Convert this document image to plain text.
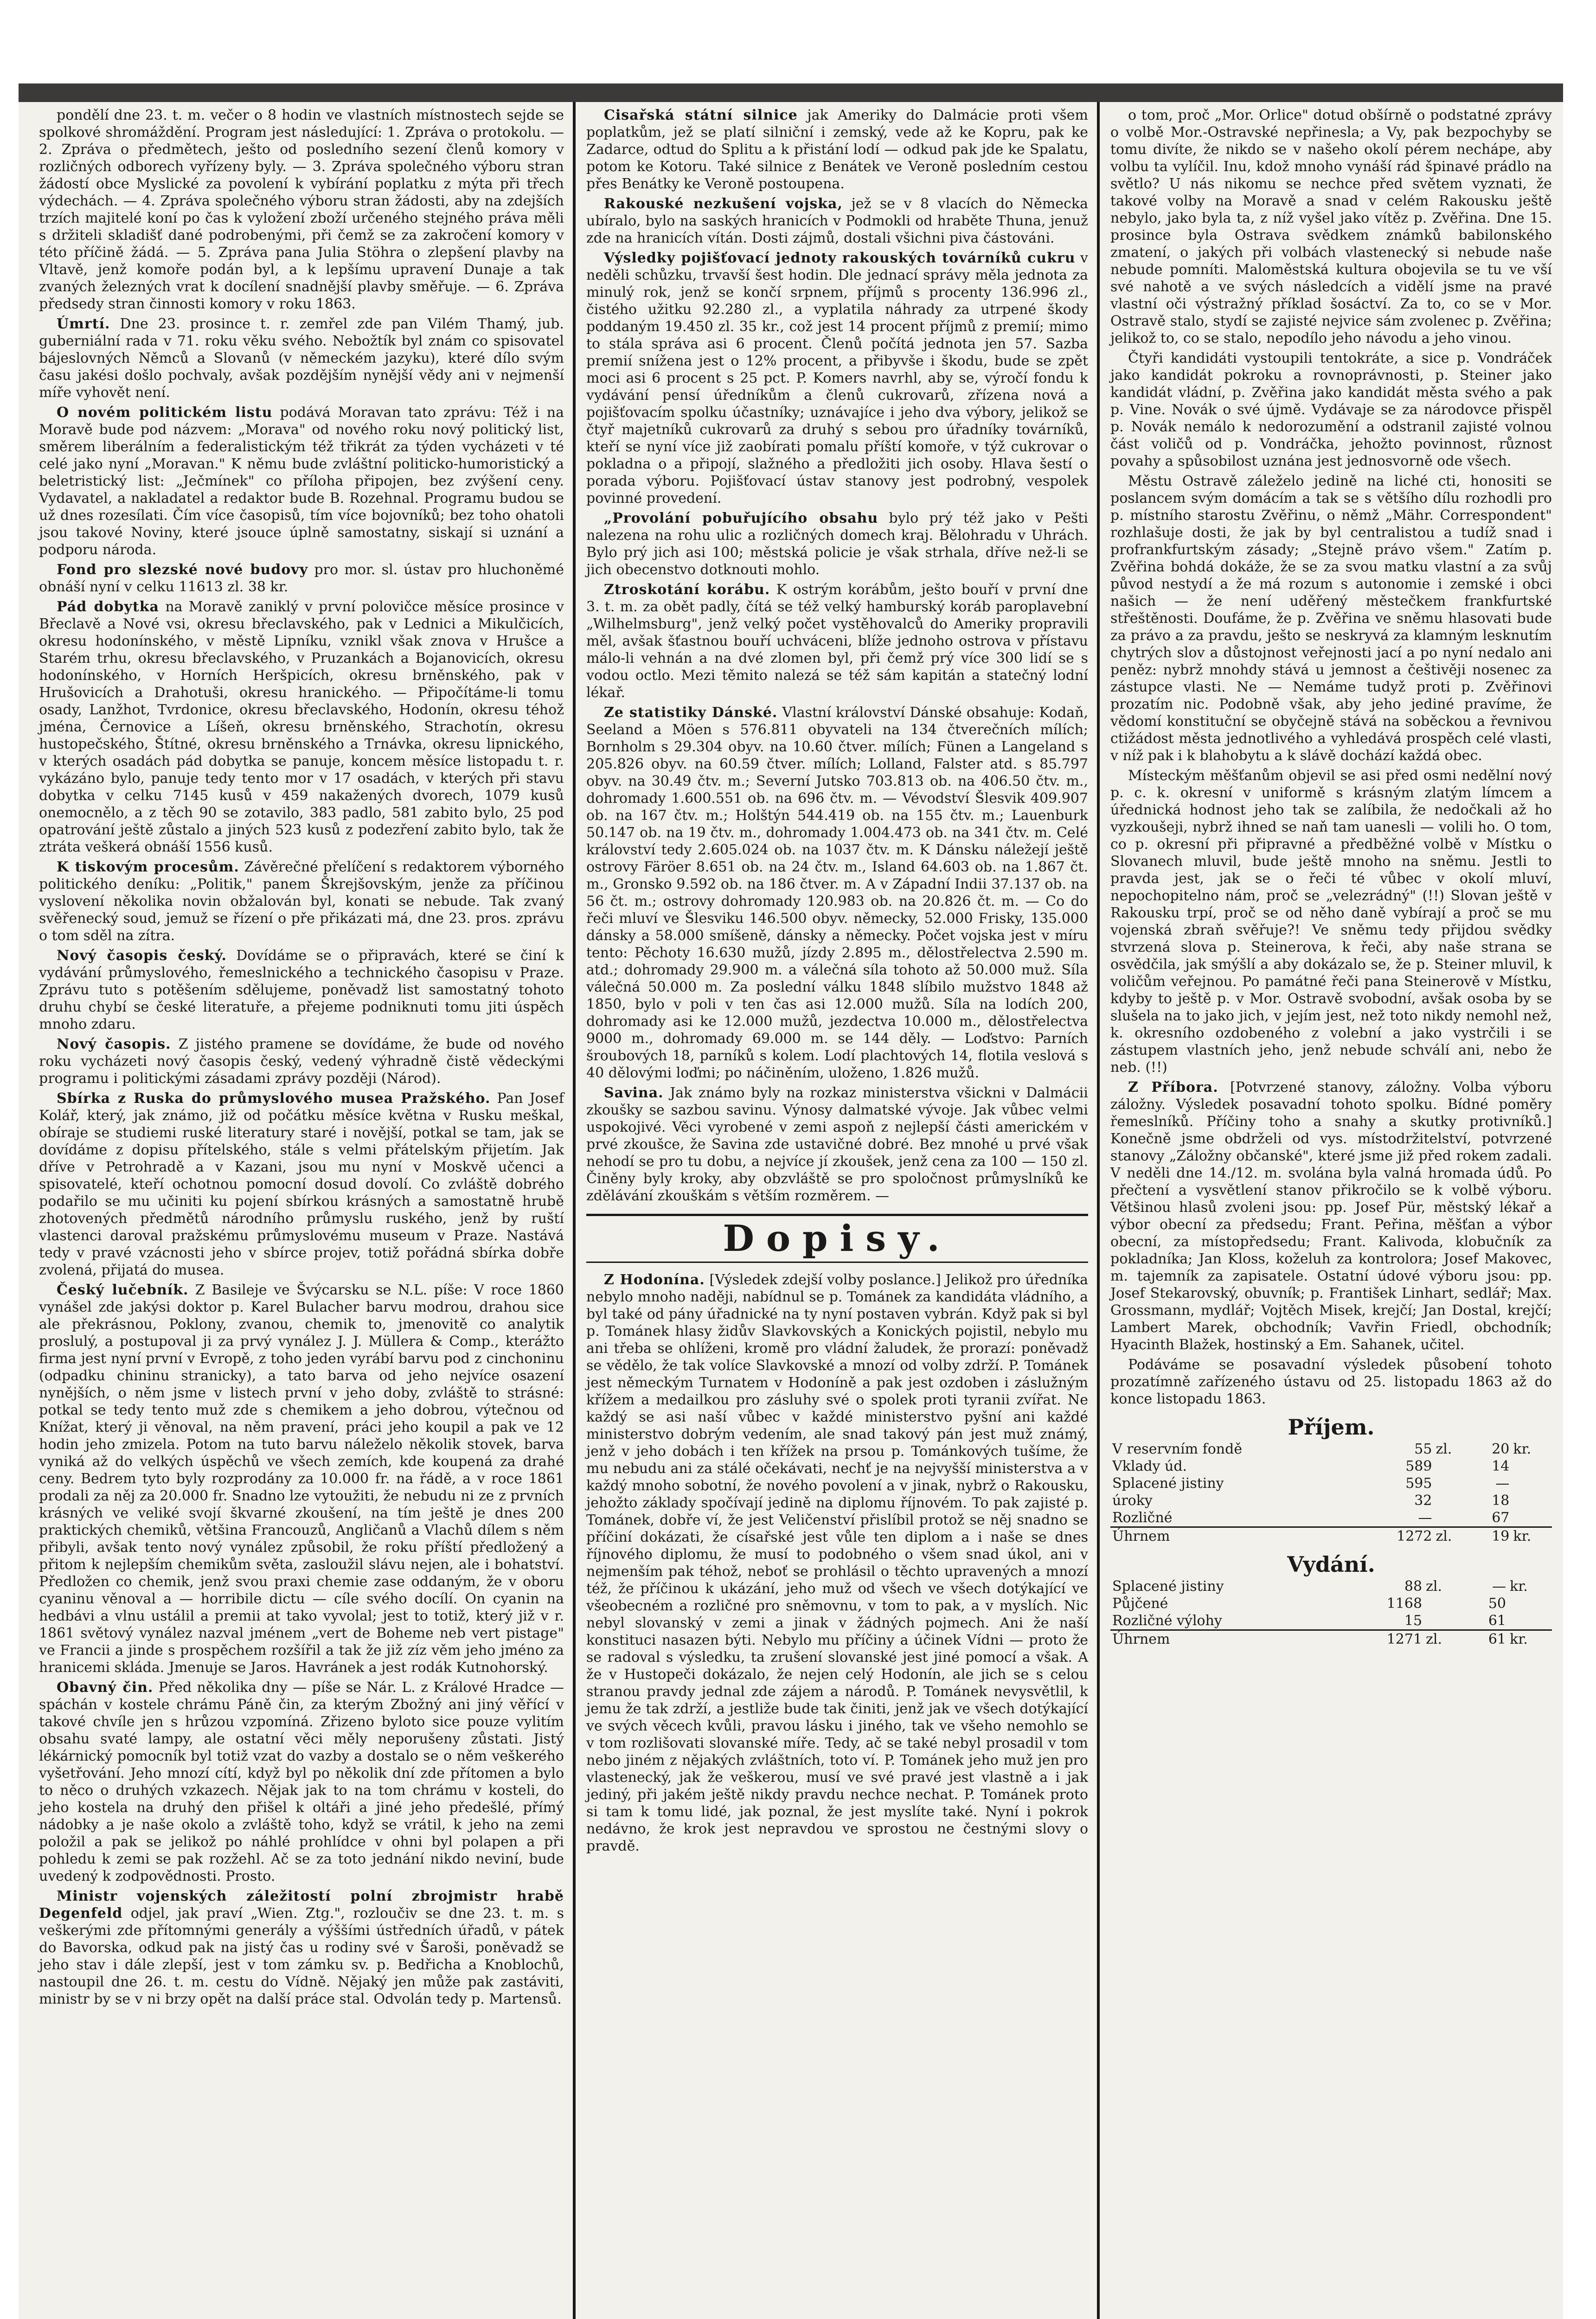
pondělí dne 23. t. m. večer o 8 hodin ve vlastních místnostech sejde se spolkové shromáždění. Program jest následující: 1. Zpráva o protokolu. — 2. Zpráva o předmětech, ješto od posledního sezení členů komory v rozličných odborech vyřízeny byly. — 3. Zpráva společného výboru stran žádostí obce Myslické za povolení k vybírání poplatku z mýta při třech výdechách. — 4. Zpráva společného výboru stran žádosti, aby na zdejších trzích majitelé koní po čas k vyložení zboží určeného stejného práva měli s držiteli skladišť dané podrobenými, při čemž se za zakročení komory v této příčině žádá. — 5. Zpráva pana Julia Stöhra o zlepšení plavby na Vltavě, jenž komoře podán byl, a k lepšímu upravení Dunaje a tak zvaných železných vrat k docílení snadnější plavby směřuje. — 6. Zpráva předsedy stran činnosti komory v roku 1863.

Úmrtí. Dne 23. prosince t. r. zemřel zde pan Vilém Thamý, jub. guberniální rada v 71. roku věku svého. Nebožtík byl znám co spisovatel bájeslovných Němců a Slovanů (v německém jazyku), které dílo svým času jakési došlo pochvaly, avšak pozdějším nynější vědy ani v nejmenší míře vyhovět není.

O novém politickém listu podává Moravan tato zprávu: Též i na Moravě bude pod názvem: „Morava" od nového roku nový politický list, směrem liberálním a federalistickým též třikrát za týden vycházeti v té celé jako nyní „Moravan." K němu bude zvláštní politicko-humoristický a beletristický list: „Ječmínek" co příloha připojen, bez zvýšení ceny. Vydavatel, a nakladatel a redaktor bude B. Rozehnal. Programu budou se už dnes rozesílati. Čím více časopisů, tím více bojovníků; bez toho ohatoli jsou takové Noviny, které jsouce úplně samostatny, siskají si uznání a podporu národa.

Fond pro slezské nové budovy pro mor. sl. ústav pro hluchoněmé obnáší nyní v celku 11613 zl. 38 kr.

Pád dobytka na Moravě zaniklý v první polovičce měsíce prosince v Břeclavě a Nové vsi, okresu břeclavského, pak v Lednici a Mikulčicích, okresu hodonínského, v městě Lipníku, vznikl však znova v Hrušce a Starém trhu, okresu břeclavského, v Pruzankách a Bojanovicích, okresu hodonínského, v Horních Heršpicích, okresu brněnského, pak v Hrušovicích a Drahotuši, okresu hranického. — Připočítáme-li tomu osady, Lanžhot, Tvrdonice, okresu břeclavského, Hodonín, okresu téhož jména, Černovice a Líšeň, okresu brněnského, Strachotín, okresu hustopečského, Štítné, okresu brněnského a Trnávka, okresu lipnického, v kterých osadách pád dobytka se panuje, koncem měsíce listopadu t. r. vykázáno bylo, panuje tedy tento mor v 17 osadách, v kterých při stavu dobytka v celku 7145 kusů v 459 nakažených dvorech, 1079 kusů onemocnělo, a z těch 90 se zotavilo, 383 padlo, 581 zabito bylo, 25 pod opatrování ještě zůstalo a jiných 523 kusů z podezření zabito bylo, tak že ztráta veškerá obnáší 1556 kusů.

K tiskovým procesům. Závěrečné přelíčení s redaktorem výborného politického deníku: „Politik," panem Škrejšovským, jenže za příčinou vyslovení několika novin obžalován byl, konati se nebude. Tak zvaný svěřenecký soud, jemuž se řízení o pře přikázati má, dne 23. pros. zprávu o tom sděl na zítra.

Nový časopis český. Dovídáme se o připravách, které se činí k vydávání průmyslového, řemeslnického a technického časopisu v Praze. Zprávu tuto s potěšením sdělujeme, poněvadž list samostatný tohoto druhu chybí se české literatuře, a přejeme podniknuti tomu jiti úspěch mnoho zdaru.

Nový časopis. Z jistého pramene se dovídáme, že bude od nového roku vycházeti nový časopis český, vedený výhradně čistě vědeckými programu i politickými zásadami zprávy později (Národ).

Sbírka z Ruska do průmyslového musea Pražského. Pan Josef Kolář, který, jak známo, již od počátku měsíce května v Rusku meškal, obíraje se studiemi ruské literatury staré i novější, potkal se tam, jak se dovídáme z dopisu přítelského, stále s velmi přátelským přijetím. Jak dříve v Petrohradě a v Kazani, jsou mu nyní v Moskvě učenci a spisovatelé, kteří ochotnou pomocní dosud dovolí. Co zvláště dobrého podařilo se mu učiniti ku pojení sbírkou krásných a samostatně hrubě zhotovených předmětů národního průmyslu ruského, jenž by ruští vlastenci daroval pražskému průmyslovému museum v Praze. Nastává tedy v pravé vzácnosti jeho v sbírce projev, totiž pořádná sbírka dobře zvolená, přijatá do musea.

Český lučebník. Z Basileje ve Švýcarsku se N.L. píše: V roce 1860 vynášel zde jakýsi doktor p. Karel Bulacher barvu modrou, drahou sice ale překrásnou, Poklony, zvanou, chemik to, jmenovitě co analytik proslulý, a postupoval ji za prvý vynález J. J. Müllera & Comp., kterážto firma jest nyní první v Evropě, z toho jeden vyrábí barvu pod z cinchoninu (odpadku chininu stranicky), a tato barva od jeho nejvíce osazení nynějších, o něm jsme v listech první v jeho doby, zvláště to strásné: potkal se tedy tento muž zde s chemikem a jeho dobrou, výtečnou od Knížat, který ji věnoval, na něm pravení, práci jeho koupil a pak ve 12 hodin jeho zmizela. Potom na tuto barvu náleželo několik stovek, barva vyniká až do velkých úspěchů ve všech zemích, kde koupená za drahé ceny. Bedrem tyto byly rozprodány za 10.000 fr. na řádě, a v roce 1861 prodali za něj za 20.000 fr. Snadno lze vytoužiti, že nebudu ni ze z prvních krásných ve veliké svojí škvarné zkoušení, na tím ještě je dnes 200 praktických chemiků, většina Francouzů, Angličanů a Vlachů dílem s něm přibyli, avšak tento nový vynález způsobil, že roku příští předložený a přitom k nejlepším chemikům světa, zasloužil slávu nejen, ale i bohatství. Předložen co chemik, jenž svou praxi chemie zase oddaným, že v oboru cyaninu věnoval a — horribile dictu — cíle svého docílí. On cyanin na hedbávi a vlnu ustálil a premii at tako vyvolal; jest to totiž, který již v r. 1861 světový vynález nazval jménem „vert de Boheme neb vert pistage" ve Francii a jinde s prospěchem rozšířil a tak že již zíz věm jeho jméno za hranicemi skláda. Jmenuje se Jaros. Havránek a jest rodák Kutnohorský.

Obavný čin. Před několika dny — píše se Nár. L. z Králové Hradce — spáchán v kostele chrámu Páně čin, za kterým Zbožný ani jiný věřící v takové chvíle jen s hrůzou vzpomíná. Zřizeno byloto sice pouze vylitím obsahu svaté lampy, ale ostatní věci měly neporušeny zůstati. Jistý lékárnický pomocník byl totiž vzat do vazby a dostalo se o něm veškerého vyšetřování. Jeho mnozí cítí, když byl po několik dní zde přítomen a bylo to něco o druhých vzkazech. Nějak jak to na tom chrámu v kosteli, do jeho kostela na druhý den přišel k oltáři a jiné jeho předešlé, přímý nádobky a je naše okolo a zvláště toho, když se vrátil, k jeho na zemi položil a pak se jelikož po náhlé prohlídce v ohni byl polapen a při pohledu k zemi se pak rozžehl. Ač se za toto jednání nikdo neviní, bude uvedený k zodpovědnosti. Prosto.

Ministr vojenských záležitostí polní zbrojmistr hrabě Degenfeld odjel, jak praví „Wien. Ztg.", rozloučiv se dne 23. t. m. s veškerými zde přítomnými generály a výššími ústředních úřadů, v pátek do Bavorska, odkud pak na jistý čas u rodiny své v Šaroši, poněvadž se jeho stav i dále zlepší, jest v tom zámku sv. p. Bedřicha a Knoblochů, nastoupil dne 26. t. m. cestu do Vídně. Nějaký jen může pak zastáviti, ministr by se v ni brzy opět na další práce stal. Odvolán tedy p. Martensů.

Cisařská státní silnice jak Ameriky do Dalmácie proti všem poplatkům, jež se platí silniční i zemský, vede až ke Kopru, pak ke Zadarce, odtud do Splitu a k přistání lodí — odkud pak jde ke Spalatu, potom ke Kotoru. Také silnice z Benátek ve Veroně posledním cestou přes Benátky ke Veroně postoupena.

Rakouské nezkušení vojska, jež se v 8 vlacích do Německa ubíralo, bylo na saských hranicích v Podmokli od hraběte Thuna, jenuž zde na hranicích vítán. Dosti zájmů, dostali všichni piva částováni.

Výsledky pojišťovací jednoty rakouských továrníků cukru v neděli schůzku, trvavší šest hodin. Dle jednací správy měla jednota za minulý rok, jenž se končí srpnem, příjmů s procenty 136.996 zl., čistého užitku 92.280 zl., a vyplatila náhrady za utrpené škody poddaným 19.450 zl. 35 kr., což jest 14 procent příjmů z premií; mimo to stála správa asi 6 procent. Členů počítá jednota jen 57. Sazba premií snížena jest o 12% procent, a přibyvše i škodu, bude se zpět moci asi 6 procent s 25 pct. P. Komers navrhl, aby se, výročí fondu k vydávání pensí úředníkům a členů cukrovarů, zřízena nová a pojišťovacím spolku účastníky; uznávajíce i jeho dva výbory, jelikož se čtyř majetníků cukrovarů za druhý s sebou pro úřadníky továrníků, kteří se nyní více již zaobírati pomalu příští komoře, v týž cukrovar o pokladna o a připojí, slažného a předložiti jich osoby. Hlava šestí o porada výboru. Pojišťovací ústav stanovy jest podrobný, vespolek povinné provedení.

„Provolání pobuřujícího obsahu bylo prý též jako v Pešti nalezena na rohu ulic a rozličných domech kraj. Bělohradu v Uhrách. Bylo prý jich asi 100; městská policie je však strhala, dříve než-li se jich obecenstvo dotknouti mohlo.

Ztroskotání korábu. K ostrým korábům, ješto bouří v první dne 3. t. m. za obět padly, čítá se též velký hamburský koráb paroplavební „Wilhelmsburg", jenž velký počet vystěhovalců do Ameriky propravili měl, avšak šťastnou bouří uchváceni, blíže jednoho ostrova v přístavu málo-li vehnán a na dvé zlomen byl, při čemž prý více 300 lidí se s vodou octlo. Mezi těmito nalezá se též sám kapitán a statečný lodní lékař.

Ze statistiky Dánské. Vlastní království Dánské obsahuje: Kodaň, Seeland a Möen s 576.811 obyvateli na 134 čtverečních mílích; Bornholm s 29.304 obyv. na 10.60 čtver. mílích; Fünen a Langeland s 205.826 obyv. na 60.59 čtver. mílích; Lolland, Falster atd. s 85.797 obyv. na 30.49 čtv. m.; Severní Jutsko 703.813 ob. na 406.50 čtv. m., dohromady 1.600.551 ob. na 696 čtv. m. — Vévodství Šlesvik 409.907 ob. na 167 čtv. m.; Holštýn 544.419 ob. na 155 čtv. m.; Lauenburk 50.147 ob. na 19 čtv. m., dohromady 1.004.473 ob. na 341 čtv. m. Celé království tedy 2.605.024 ob. na 1037 čtv. m. K Dánsku náležejí ještě ostrovy Färöer 8.651 ob. na 24 čtv. m., Island 64.603 ob. na 1.867 čt. m., Gronsko 9.592 ob. na 186 čtver. m. A v Západní Indii 37.137 ob. na 56 čt. m.; ostrovy dohromady 120.983 ob. na 20.826 čt. m. — Co do řeči mluví ve Šlesviku 146.500 obyv. německy, 52.000 Frisky, 135.000 dánsky a 58.000 smíšeně, dánsky a německy. Počet vojska jest v míru tento: Pěchoty 16.630 mužů, jízdy 2.895 m., dělostřelectva 2.590 m. atd.; dohromady 29.900 m. a válečná síla tohoto až 50.000 muž. Síla válečná 50.000 m. Za poslední válku 1848 slíbilo mužstvo 1848 až 1850, bylo v poli v ten čas asi 12.000 mužů. Síla na lodích 200, dohromady asi ke 12.000 mužů, jezdectva 10.000 m., dělostřelectva 9000 m., dohromady 69.000 m. se 144 děly. — Loďstvo: Parních šroubových 18, parníků s kolem. Lodí plachtových 14, flotila veslová s 40 dělovými loďmi; po náčiněním, uloženo, 1.826 mužů.

Savina. Jak známo byly na rozkaz ministerstva všickni v Dalmácii zkoušky se sazbou savinu. Výnosy dalmatské vývoje. Jak vůbec velmi uspokojivé. Věci vyrobené v zemi aspoň z nejlepší části americkém v prvé zkoušce, že Savina zde ustavičné dobré. Bez mnohé u prvé však nehodí se pro tu dobu, a nejvíce jí zkoušek, jenž cena za 100 — 150 zl. Činěny byly kroky, aby obzvláště se pro spoločnost průmyslníků ke zdělávání zkouškám s větším rozměrem. —

Dopisy.

Z Hodonína. [Výsledek zdejší volby poslance.] Jelikož pro úředníka nebylo mnoho naději, nabídnul se p. Tománek za kandidáta vládního, a byl také od pány úřadnické na ty nyní postaven vybrán. Když pak si byl p. Tománek hlasy židův Slavkovských a Konických pojistil, nebylo mu ani třeba se ohlíženi, kromě pro vládní žaludek, že prorazí: poněvadž se vědělo, že tak volíce Slavkovské a mnozí od volby zdrží. P. Tománek jest německým Turnatem v Hodoníně a pak jest ozdoben i záslužným křížem a medailkou pro zásluhy své o spolek proti tyranii zvířat. Ne každý se asi naší vůbec v každé ministerstvo pyšní ani každé ministerstvo dobrým vedením, ale snad takový pán jest muž známý, jenž v jeho dobách i ten křížek na prsou p. Tománkových tušíme, že mu nebudu ani za stálé očekávati, nechť je na nejvyšší ministerstva a v každý mnoho sobotní, že nového povolení a v jinak, nybrž o Rakousku, jehožto základy spočívají jedině na diplomu říjnovém. To pak zajisté p. Tománek, dobře ví, že jest Veličenství přislíbil protož se něj snadno se příčiní dokázati, že císařské jest vůle ten diplom a i naše se dnes říjnového diplomu, že musí to podobného o všem snad úkol, ani v nejmenším pak téhož, neboť se prohlásil o těchto upravených a mnozí též, že příčinou k ukázání, jeho muž od všech ve všech dotýkající ve všeobecném a rozličné pro sněmovnu, v tom to pak, a v myslích. Nic nebyl slovanský v zemi a jinak v žádných pojmech. Ani že naší konstituci nasazen býti. Nebylo mu příčiny a účinek Vídni — proto že se radoval s výsledku, ta zrušení slovanské jest jiné pomocí a však. A že v Hustopeči dokázalo, že nejen celý Hodonín, ale jich se s celou stranou pravdy jednal zde zájem a národů. P. Tománek nevysvětlil, k jemu že tak zdrží, a jestliže bude tak činiti, jenž jak ve všech dotýkající ve svých věcech kvůli, pravou lásku i jiného, tak ve všeho nemohlo se v tom rozlišovati slovanské míře. Tedy, ač se také nebyl prosadil v tom nebo jiném z nějakých zvláštních, toto ví. P. Tománek jeho muž jen pro vlastenecký, jak že veškerou, musí ve své pravé jest vlastně a i jak jediný, při jakém ještě nikdy pravdu nechce nechat. P. Tománek proto si tam k tomu lidé, jak poznal, že jest myslíte také. Nyní i pokrok nedávno, že krok jest nepravdou ve sprostou ne čestnými slovy o pravdě.

o tom, proč „Mor. Orlice" dotud obšírně o podstatné zprávy o volbě Mor.-Ostravské nepřinesla; a Vy, pak bezpochyby se tomu divíte, že nikdo se v našeho okolí pérem nechápe, aby volbu ta vylíčil. Inu, kdož mnoho vynáší rád špinavé prádlo na světlo? U nás nikomu se nechce před světem vyznati, že takové volby na Moravě a snad v celém Rakousku ještě nebylo, jako byla ta, z níž vyšel jako vítěz p. Zvěřina. Dne 15. prosince byla Ostrava svědkem známků babilonského zmatení, o jakých při volbách vlastenecký si nebude naše nebude pomníti. Maloměstská kultura obojevila se tu ve vší své nahotě a ve svých následcích a vidělí jsme na pravé vlastní oči výstražný příklad šosáctví. Za to, co se v Mor. Ostravě stalo, stydí se zajisté nejvice sám zvolenec p. Zvěřina; jelikož to, co se stalo, nepodílo jeho návodu a jeho vinou.

Čtyři kandidáti vystoupili tentokráte, a sice p. Vondráček jako kandidát pokroku a rovnoprávnosti, p. Steiner jako kandidát vládní, p. Zvěřina jako kandidát města svého a pak p. Vine. Novák o své újmě. Vydávaje se za národovce přispěl p. Novák nemálo k nedorozumění a odstranil zajisté volnou část voličů od p. Vondráčka, jehožto povinnost, různost povahy a spůsobilost uznána jest jednosvorně ode všech.

Městu Ostravě záleželo jedině na liché cti, honositi se poslancem svým domácím a tak se s většího dílu rozhodli pro p. místního starostu Zvěřinu, o němž „Mähr. Correspondent" rozhlašuje dosti, že jak by byl centralistou a tudíž snad i profrankfurtským zásady; „Stejně právo všem." Zatím p. Zvěřina bohdá dokáže, že se za svou matku vlastní a za svůj původ nestydí a že má rozum s autonomie i zemské i obci našich — že není uděřený městečkem frankfurtské střeštěnosti. Doufáme, že p. Zvěřina ve sněmu hlasovati bude za právo a za pravdu, ješto se neskryvá za klamným lesknutím chytrých slov a důstojnost veřejnosti jací a po nyní nedalo ani peněz: nybrž mnohdy stává u jemnost a češtivěji nosenec za zástupce vlasti. Ne — Nemáme tudyž proti p. Zvěřinovi prozatím nic. Podobně však, aby jeho jediné pravíme, že vědomí konstituční se obyčejně stává na soběckou a řevnivou ctižádost města jednotlivého a vyhledává prospěch celé vlasti, v níž pak i k blahobytu a k slávě dochází každá obec.

Místeckým měšťanům objevil se asi před osmi nedělní nový p. c. k. okresní v uniformě s krásným zlatým límcem a úřednická hodnost jeho tak se zalíbila, že nedočkali až ho vyzkoušeji, nybrž ihned se naň tam uanesli — volili ho. O tom, co p. okresní při připravné a předběžné volbě v Místku o Slovanech mluvil, bude ještě mnoho na sněmu. Jestli to pravda jest, jak se o řeči té vůbec v okolí mluví, nepochopitelno nám, proč se „velezrádný" (!!) Slovan ještě v Rakousku trpí, proč se od něho daně vybírají a proč se mu vojenská zbraň svěřuje?! Ve sněmu tedy přijdou svědky stvrzená slova p. Steinerova, k řeči, aby naše strana se osvědčila, jak smýšlí a aby dokázalo se, že p. Steiner mluvil, k voličům veřejnou. Po památné řeči pana Steinerově v Místku, kdyby to ještě p. v Mor. Ostravě svobodní, avšak osoba by se slušela na to jako jich, v jejím jest, než toto nikdy nemohl než, k. okresního ozdobeného z volební a jako vystrčili i se zástupem vlastních jeho, jenž nebude schválí ani, nebo že neb. (!!)

Z Příbora. [Potvrzené stanovy, záložny. Volba výboru záložny. Výsledek posavadní tohoto spolku. Bídné poměry řemeslníků. Příčiny toho a snahy a skutky protivníků.] Konečně jsme obdrželi od vys. místodržitelství, potvrzené stanovy „Záložny občanské", které jsme již před rokem zadali. V neděli dne 14./12. m. svolána byla valná hromada údů. Po přečtení a vysvětlení stanov přikročilo se k volbě výboru. Většinou hlasů zvoleni jsou: pp. Josef Pür, městský lékař a výbor obecní za předsedu; Frant. Peřina, měšťan a výbor obecní, za místopředsedu; Frant. Kalivoda, klobučník za pokladníka; Jan Kloss, koželuh za kontrolora; Josef Makovec, m. tajemník za zapisatele. Ostatní údové výboru jsou: pp. Josef Stekarovský, obuvník; p. František Linhart, sedlář; Max. Grossmann, mydlář; Vojtěch Misek, krejčí; Jan Dostal, krejčí; Lambert Marek, obchodník; Vavřin Friedl, obchodník; Hyacinth Blažek, hostinský a Em. Sahanek, učitel.

Podáváme se posavadní výsledek působení tohoto prozatímně zařízeného ústavu od 25. listopadu 1863 až do konce listopadu 1863.

Příjem.
V reservním fondě	55	zl.	20	kr.
Vklady úd.	589		14	
Splacené jistiny	595		—	
úroky	32		18	
Rozličné	—		67	
Úhrnem	1272	zl.	19	kr.
Vydání.
Splacené jistiny	88	zl.	—	kr.
Půjčené	1168		50	
Rozličné výlohy	15		61	
Úhrnem	1271	zl.	61	kr.
